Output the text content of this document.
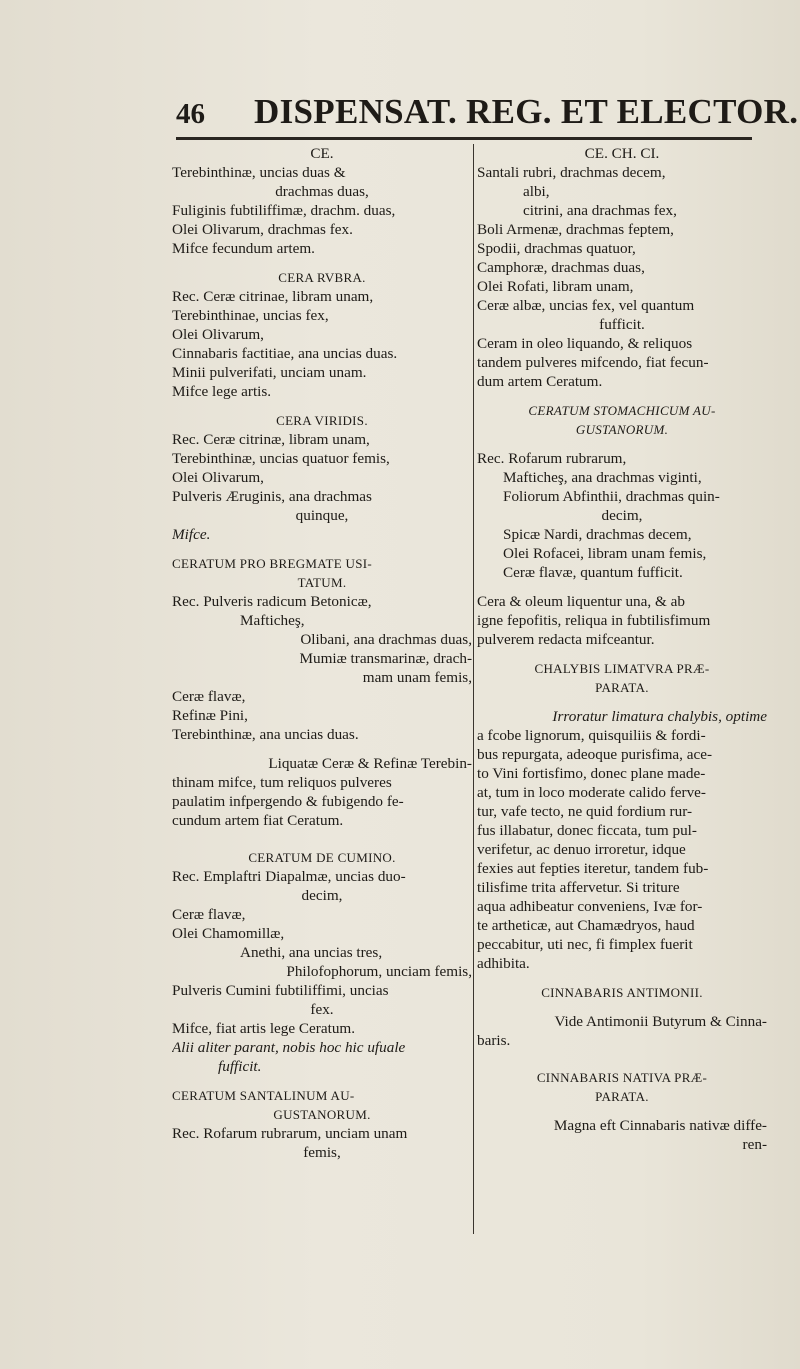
46 DISPENSAT. REG. ET ELECTOR.
CE.
Terebinthinæ, uncias duas &
drachmas duas,
Fuliginis fubtiliffimæ, drachm. duas,
Olei Olivarum, drachmas fex.
Mifce fecundum artem.
CERA RVBRA.
Rec. Ceræ citrinae, libram unam,
Terebinthinae, uncias fex,
Olei Olivarum,
Cinnabaris factitiae, ana uncias duas.
Minii pulverifati, unciam unam.
Mifce lege artis.
CERA VIRIDIS.
Rec. Ceræ citrinæ, libram unam,
Terebinthinæ, uncias quatuor femis,
Olei Olivarum,
Pulveris Æruginis, ana drachmas
quinque,
Mifce.
CERATUM PRO BREGMATE USI-
TATUM.
Rec. Pulveris radicum Betonicæ,
Mafticheş,
Olibani, ana drachmas duas,
Mumiæ transmarinæ, drach-
mam unam femis,
Ceræ flavæ,
Refinæ Pini,
Terebinthinæ, ana uncias duas.
Liquatæ Ceræ & Refinæ Terebin-
thinam mifce, tum reliquos pulveres
paulatim infpergendo & fubigendo fe-
cundum artem fiat Ceratum.
CERATUM DE CUMINO.
Rec. Emplaftri Diapalmæ, uncias duo-
decim,
Ceræ flavæ,
Olei Chamomillæ,
Anethi, ana uncias tres,
Philofophorum, unciam femis,
Pulveris Cumini fubtiliffimi, uncias
fex.
Mifce, fiat artis lege Ceratum.
Alii aliter parant, nobis hoc hic ufuale
fufficit.
CERATUM SANTALINUM AU-
GUSTANORUM.
Rec. Rofarum rubrarum, unciam unam
femis,
CE. CH. CI.
Santali rubri, drachmas decem,
albi,
citrini, ana drachmas fex,
Boli Armenæ, drachmas feptem,
Spodii, drachmas quatuor,
Camphoræ, drachmas duas,
Olei Rofati, libram unam,
Ceræ albæ, uncias fex, vel quantum
fufficit.
Ceram in oleo liquando, & reliquos
tandem pulveres mifcendo, fiat fecun-
dum artem Ceratum.
CERATUM STOMACHICUM AU-
GUSTANORUM.
Rec. Rofarum rubrarum,
Mafticheş, ana drachmas viginti,
Foliorum Abfinthii, drachmas quin-
decim,
Spicæ Nardi, drachmas decem,
Olei Rofacei, libram unam femis,
Ceræ flavæ, quantum fufficit.
Cera & oleum liquentur una, & ab
igne fepofitis, reliqua in fubtilisfimum
pulverem redacta mifceantur.
CHALYBIS LIMATVRA PRÆ-
PARATA.
Irroratur limatura chalybis, optime
a fcobe lignorum, quisquiliis & fordi-
bus repurgata, adeoque purisfima, ace-
to Vini fortisfimo, donec plane made-
at, tum in loco moderate calido ferve-
tur, vafe tecto, ne quid fordium rur-
fus illabatur, donec ficcata, tum pul-
verifetur, ac denuo irroretur, idque
fexies aut fepties iteretur, tandem fub-
tilisfime trita affervetur. Si triture
aqua adhibeatur conveniens, Ivæ for-
te artheticæ, aut Chamædryos, haud
peccabitur, uti nec, fi fimplex fuerit
adhibita.
CINNABARIS ANTIMONII.
Vide Antimonii Butyrum & Cinna-
baris.
CINNABARIS NATIVA PRÆ-
PARATA.
Magna eft Cinnabaris nativæ diffe-
ren-
